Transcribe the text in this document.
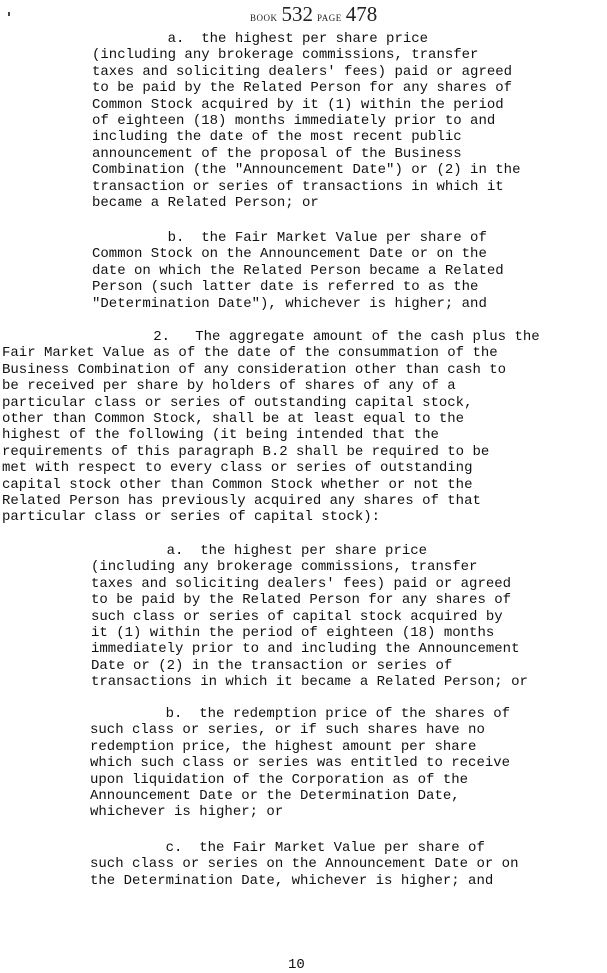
BOOK 532 PAGE 478
a.  the highest per share price
(including any brokerage commissions, transfer
taxes and soliciting dealers' fees) paid or agreed
to be paid by the Related Person for any shares of
Common Stock acquired by it (1) within the period
of eighteen (18) months immediately prior to and
including the date of the most recent public
announcement of the proposal of the Business
Combination (the "Announcement Date") or (2) in the
transaction or series of transactions in which it
became a Related Person; or
b.  the Fair Market Value per share of
Common Stock on the Announcement Date or on the
date on which the Related Person became a Related
Person (such latter date is referred to as the
"Determination Date"), whichever is higher; and
2.   The aggregate amount of the cash plus the
Fair Market Value as of the date of the consummation of the
Business Combination of any consideration other than cash to
be received per share by holders of shares of any of a
particular class or series of outstanding capital stock,
other than Common Stock, shall be at least equal to the
highest of the following (it being intended that the
requirements of this paragraph B.2 shall be required to be
met with respect to every class or series of outstanding
capital stock other than Common Stock whether or not the
Related Person has previously acquired any shares of that
particular class or series of capital stock):
a.  the highest per share price
(including any brokerage commissions, transfer
taxes and soliciting dealers' fees) paid or agreed
to be paid by the Related Person for any shares of
such class or series of capital stock acquired by
it (1) within the period of eighteen (18) months
immediately prior to and including the Announcement
Date or (2) in the transaction or series of
transactions in which it became a Related Person; or
b.  the redemption price of the shares of
such class or series, or if such shares have no
redemption price, the highest amount per share
which such class or series was entitled to receive
upon liquidation of the Corporation as of the
Announcement Date or the Determination Date,
whichever is higher; or
c.  the Fair Market Value per share of
such class or series on the Announcement Date or on
the Determination Date, whichever is higher; and
10
